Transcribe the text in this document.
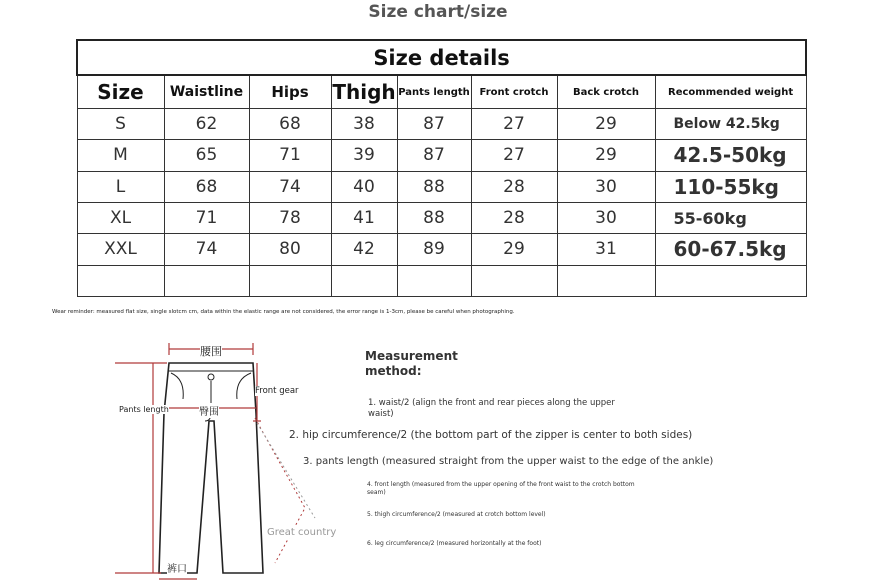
Size chart/size
Size details							
Size	Waistline	Hips	Thigh	Pants length	Front crotch	Back crotch	Recommended weight
S	62	68	38	87	27	29	Below 42.5kg
M	65	71	39	87	27	29	42.5-50kg
L	68	74	40	88	28	30	110-55kg
XL	71	78	41	88	28	30	55-60kg
XXL	74	80	42	89	29	31	60-67.5kg

Wear reminder: measured flat size, single slotcm cm, data within the elastic range are not considered, the error range is 1-3cm, please be careful when photographing.
腰围
臀围
裤口
Pants length
Front gear
Great country
Measurement method:
1. waist/2 (align the front and rear pieces along the upper waist)
2. hip circumference/2 (the bottom part of the zipper is center to both sides)
3. pants length (measured straight from the upper waist to the edge of the ankle)
4. front length (measured from the upper opening of the front waist to the crotch bottom seam)
5. thigh circumference/2 (measured at crotch bottom level)
6. leg circumference/2 (measured horizontally at the foot)
